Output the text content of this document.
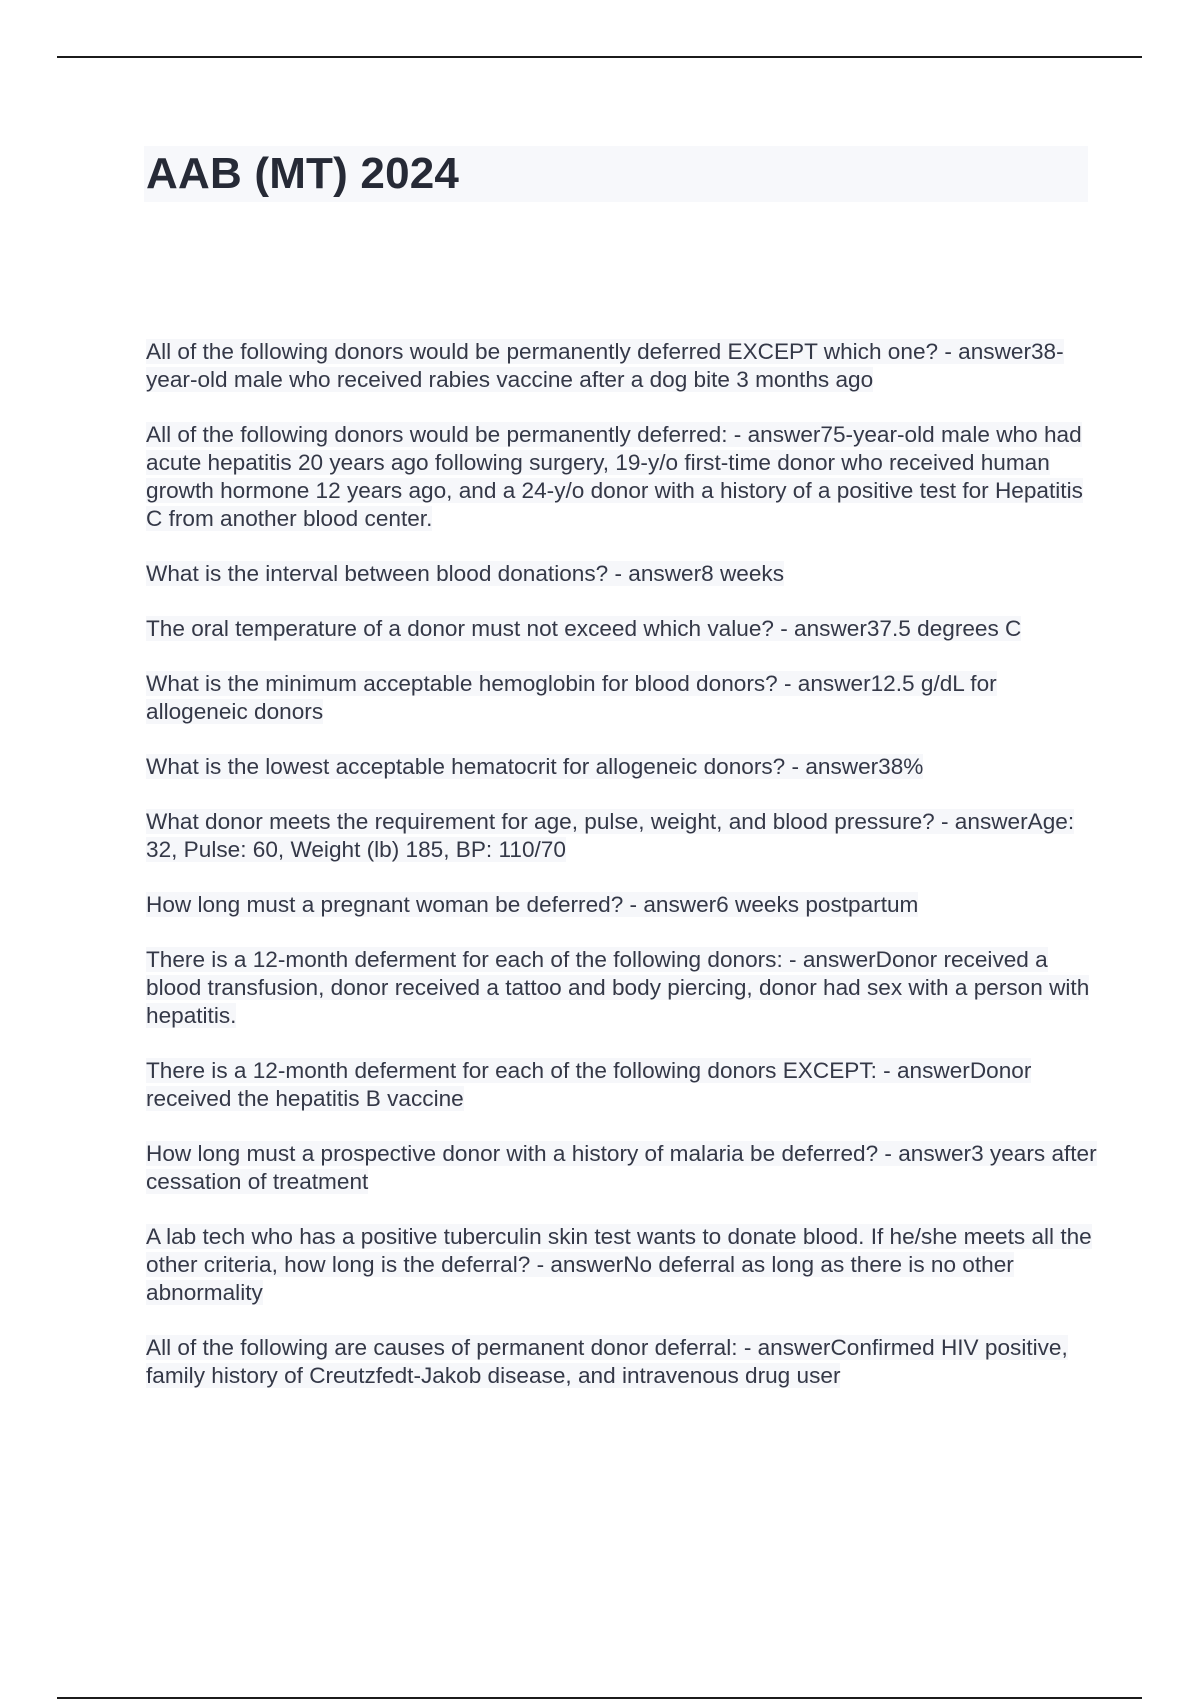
AAB (MT) 2024

All of the following donors would be permanently deferred EXCEPT which one? - answer38-year-old male who received rabies vaccine after a dog bite 3 months ago

All of the following donors would be permanently deferred: - answer75-year-old male who had acute hepatitis 20 years ago following surgery, 19-y/o first-time donor who received human growth hormone 12 years ago, and a 24-y/o donor with a history of a positive test for Hepatitis C from another blood center.

What is the interval between blood donations? - answer8 weeks

The oral temperature of a donor must not exceed which value? - answer37.5 degrees C

What is the minimum acceptable hemoglobin for blood donors? - answer12.5 g/dL for allogeneic donors

What is the lowest acceptable hematocrit for allogeneic donors? - answer38%

What donor meets the requirement for age, pulse, weight, and blood pressure? - answerAge: 32, Pulse: 60, Weight (lb) 185, BP: 110/70

How long must a pregnant woman be deferred? - answer6 weeks postpartum

There is a 12-month deferment for each of the following donors: - answerDonor received a blood transfusion, donor received a tattoo and body piercing, donor had sex with a person with hepatitis.

There is a 12-month deferment for each of the following donors EXCEPT: - answerDonor received the hepatitis B vaccine

How long must a prospective donor with a history of malaria be deferred? - answer3 years after cessation of treatment

A lab tech who has a positive tuberculin skin test wants to donate blood. If he/she meets all the other criteria, how long is the deferral? - answerNo deferral as long as there is no other abnormality

All of the following are causes of permanent donor deferral: - answerConfirmed HIV positive, family history of Creutzfedt-Jakob disease, and intravenous drug user
